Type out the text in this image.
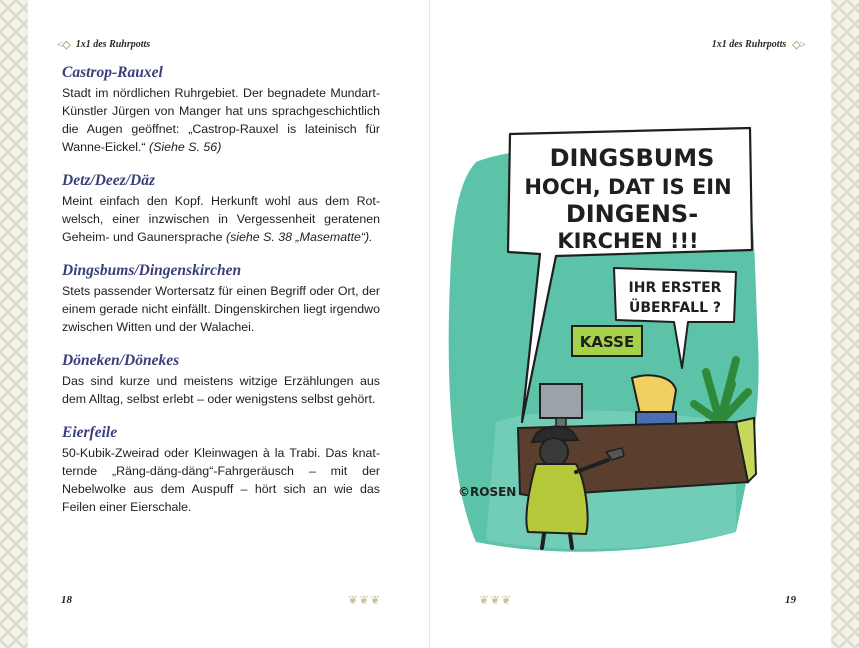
<◇ 1x1 des Ruhrpotts	1x1 des Ruhrpotts ◇>
Castrop-Rauxel
Stadt im nördlichen Ruhrgebiet. Der begnadete Mundart-Künstler Jürgen von Manger hat uns sprachgeschichtlich die Augen geöffnet: „Castrop-Rauxel is lateinisch für Wanne-Eickel.“ (Siehe S. 56)
Detz/Deez/Däz
Meint einfach den Kopf. Herkunft wohl aus dem Rotwelsch, einer inzwischen in Vergessenheit geratenen Geheim- und Gaunersprache (siehe S. 38 „Masematte“).
Dingsbums/Dingenskirchen
Stets passender Wortersatz für einen Begriff oder Ort, der einem gerade nicht einfällt. Dingenskirchen liegt irgendwo zwischen Witten und der Walachei.
Döneken/Dönekes
Das sind kurze und meistens witzige Erzählungen aus dem Alltag, selbst erlebt – oder wenigstens selbst gehört.
Eierfeile
50-Kubik-Zweirad oder Kleinwagen à la Trabi. Das knatternde „Räng-däng-däng“-Fahrgeräusch – mit der Nebelwolke aus dem Auspuff – hört sich an wie das Feilen einer Eierschale.
DINGSBUMS
HOCH, DAT IS EIN
DINGENS-
KIRCHEN !!!
IHR ERSTER
ÜBERFALL ?
KASSE
©ROSEN
18	19
❦❦❦	❦❦❦
